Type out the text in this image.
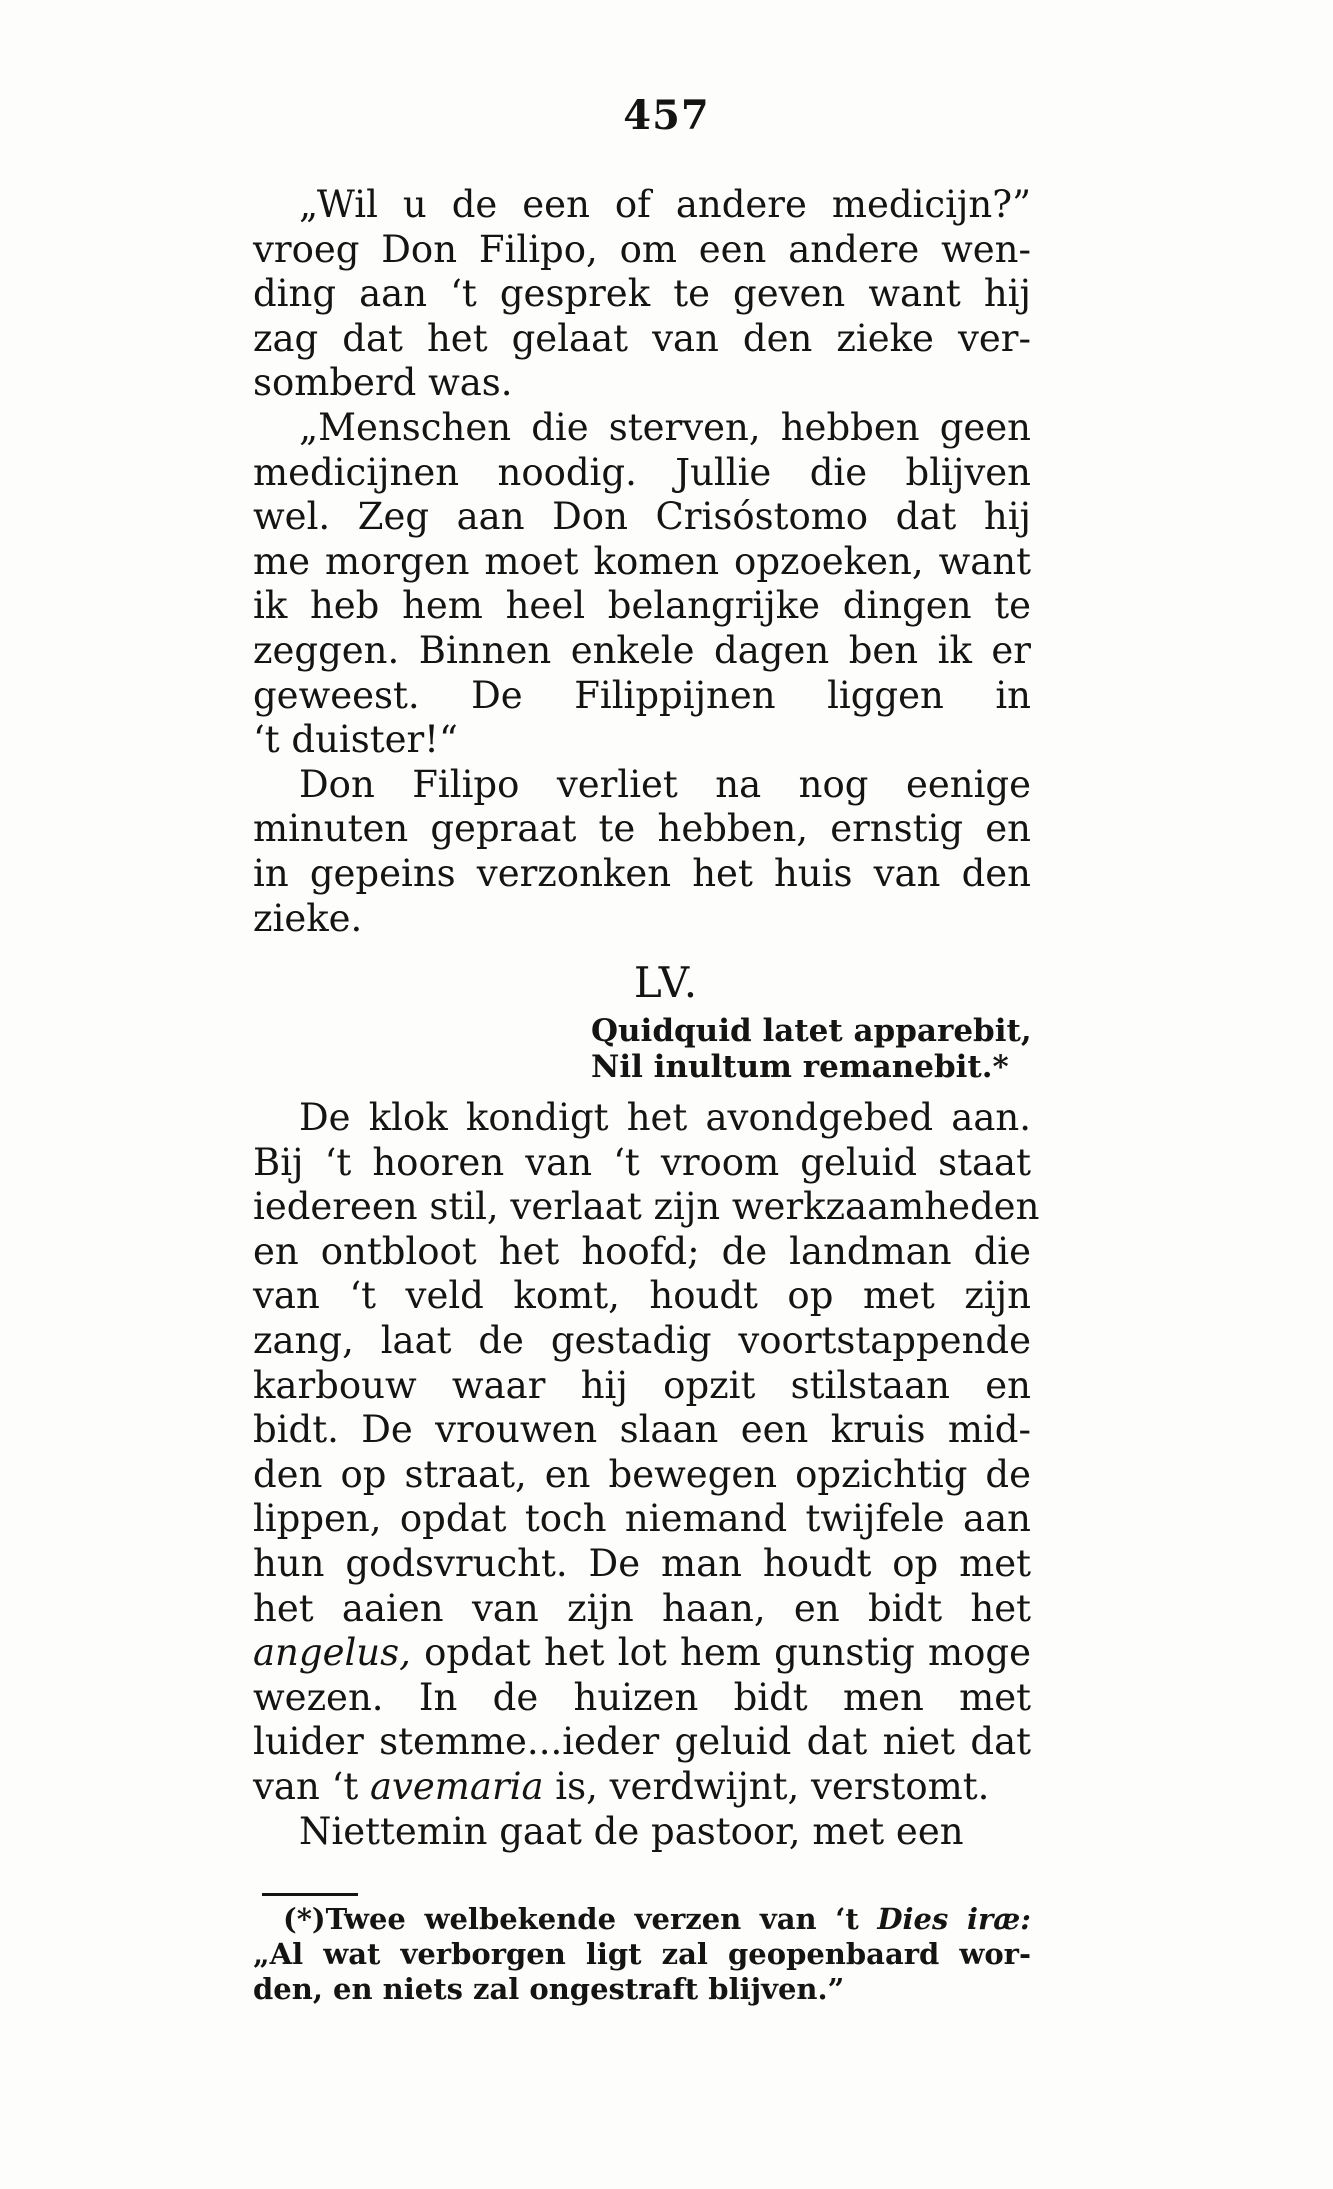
457

„Wil u de een of andere medicijn?”
vroeg Don Filipo, om een andere wen-
ding aan ‘t gesprek te geven want hij
zag dat het gelaat van den zieke ver-
somberd was.

„Menschen die sterven, hebben geen
medicijnen noodig. Jullie die blijven
wel. Zeg aan Don Crisóstomo dat hij
me morgen moet komen opzoeken, want
ik heb hem heel belangrijke dingen te
zeggen. Binnen enkele dagen ben ik er
geweest. De Filippijnen liggen in
‘t duister!“

Don Filipo verliet na nog eenige
minuten gepraat te hebben, ernstig en
in gepeins verzonken het huis van den
zieke.

LV.
Quidquid latet apparebit,
Nil inultum remanebit.*

De klok kondigt het avondgebed aan.
Bij ‘t hooren van ‘t vroom geluid staat
iedereen stil, verlaat zijn werkzaamheden
en ontbloot het hoofd; de landman die
van ‘t veld komt, houdt op met zijn
zang, laat de gestadig voortstappende
karbouw waar hij opzit stilstaan en
bidt. De vrouwen slaan een kruis mid-
den op straat, en bewegen opzichtig de
lippen, opdat toch niemand twijfele aan
hun godsvrucht. De man houdt op met
het aaien van zijn haan, en bidt het
angelus, opdat het lot hem gunstig moge
wezen. In de huizen bidt men met
luider stemme...ieder geluid dat niet dat
van ‘t avemaria is, verdwijnt, verstomt.

Niettemin gaat de pastoor, met een

(*)Twee welbekende verzen van ‘t Dies iræ:
„Al wat verborgen ligt zal geopenbaard wor-
den, en niets zal ongestraft blijven.”
